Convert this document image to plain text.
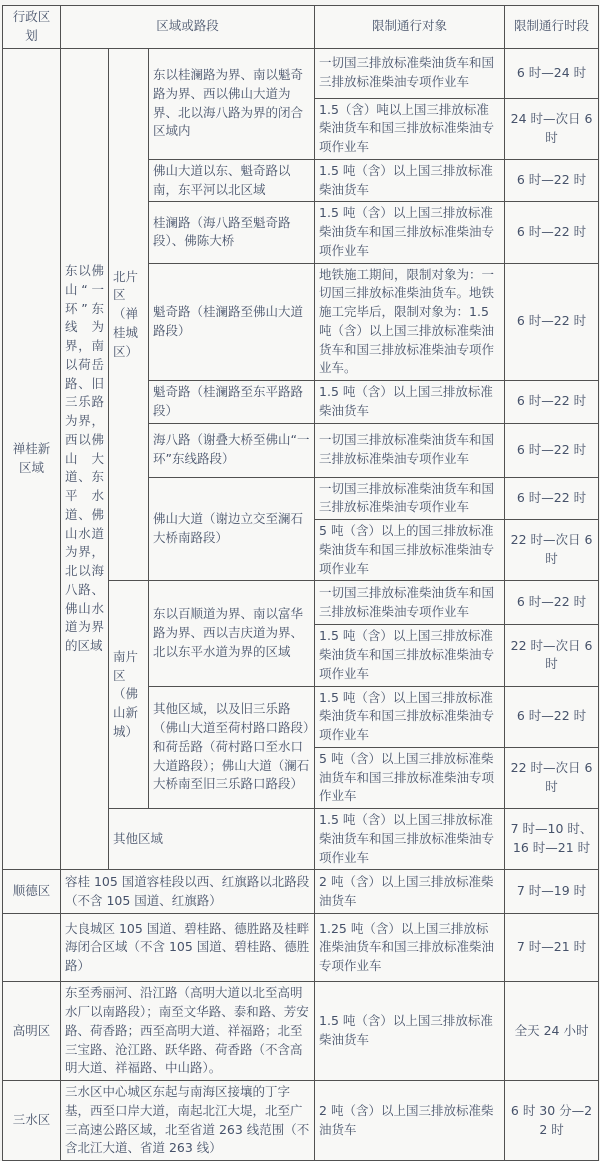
行政区划	区域或路段			限制通行对象	限制通行时段
禅桂新区域	东以佛山“一环”东线为界，南以荷岳路、旧三乐路为界，西以佛山大道、东平水道、佛山水道为界，北以海八路、佛山水道为界的区域	北片区（禅桂城区）	东以桂澜路为界、南以魁奇路为界、西以佛山大道为界、北以海八路为界的闭合区域内	一切国三排放标准柴油货车和国三排放标准柴油专项作业车	6 时—24 时
				1.5（含）吨以上国三排放标准柴油货车和国三排放标准柴油专项作业车	24 时—次日 6 时
			佛山大道以东、魁奇路以南，东平河以北区域	1.5 吨（含）以上国三排放标准柴油货车	6 时—22 时
			桂澜路（海八路至魁奇路段）、佛陈大桥	1.5 吨（含）以上国三排放标准柴油货车和国三排放标准柴油专项作业车	6 时—22 时
			魁奇路（桂澜路至佛山大道路段）	地铁施工期间，限制对象为：一切国三排放标准柴油货车。地铁施工完毕后，限制对象为：1.5 吨（含）以上国三排放标准柴油货车和国三排放标准柴油专项作业车。	6 时—22 时
			魁奇路（桂澜路至东平路路段）	1.5 吨（含）以上国三排放标准柴油货车	6 时—22 时
			海八路（谢叠大桥至佛山“一环”东线路段）	一切国三排放标准柴油货车和国三排放标准柴油专项作业车	6 时—22 时
			佛山大道（谢边立交至澜石大桥南路段）	一切国三排放标准柴油货车和国三排放标准柴油专项作业车	6 时—22 时
				5 吨（含）以上的国三排放标准柴油货车和国三排放标准柴油专项作业车	22 时—次日 6 时
		南片区（佛山新城）	东以百顺道为界、南以富华路为界、西以吉庆道为界、北以东平水道为界的区域	一切国三排放标准柴油货车和国三排放标准柴油专项作业车	6 时—22 时
				1.5 吨（含）以上国三排放标准柴油货车和国三排放标准柴油专项作业车	22 时—次日 6 时
			其他区域，以及旧三乐路（佛山大道至荷村路口路段）和荷岳路（荷村路口至水口大道路段）；佛山大道（澜石大桥南至旧三乐路口路段）	1.5 吨（含）以上国三排放标准柴油货车和国三排放标准柴油专项作业车	6 时—22 时
				5 吨（含）以上国三排放标准柴油货车和国三排放标准柴油专项作业车	22 时—次日 6 时
		其他区域		1.5 吨（含）以上国三排放标准柴油货车和国三排放标准柴油专项作业车	7 时—10 时、16 时—21 时
顺德区	容桂 105 国道容桂段以西、红旗路以北路段（不含 105 国道、红旗路）			2 吨（含）以上国三排放标准柴油货车	7 时—19 时
	大良城区 105 国道、碧桂路、德胜路及桂畔海闭合区域（不含 105 国道、碧桂路、德胜路）			1.25 吨（含）以上国三排放标准柴油货车和国三排放标准柴油专项作业车	7 时—21 时
高明区	东至秀丽河、沿江路（高明大道以北至高明水厂以南路段）；南至文华路、泰和路、芳安路、荷香路；西至高明大道、祥福路；北至三宝路、沧江路、跃华路、荷香路（不含高明大道、祥福路、中山路）。			1.5 吨（含）以上国三排放标准柴油货车	全天 24 小时
三水区	三水区中心城区东起与南海区接壤的丁字基，西至口岸大道，南起北江大堤，北至广三高速公路区域，北至省道 263 线范围（不含北江大道、省道 263 线）			2 吨（含）以上国三排放标准柴油货车	6 时 30 分—22 时
